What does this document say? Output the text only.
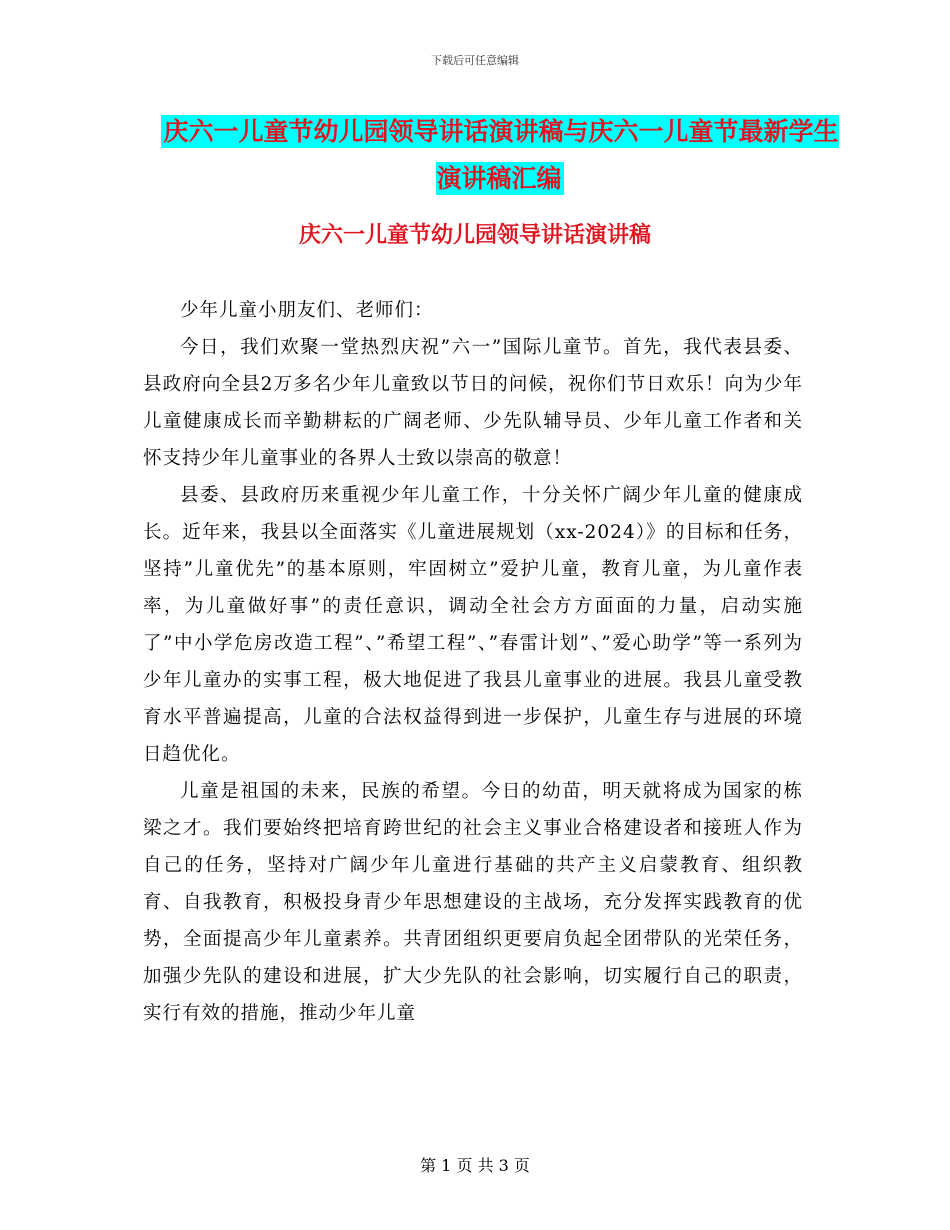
下载后可任意编辑
庆六一儿童节幼儿园领导讲话演讲稿与庆六一儿童节最新学生演讲稿汇编
庆六一儿童节幼儿园领导讲话演讲稿

少年儿童小朋友们、老师们：

今日，我们欢聚一堂热烈庆祝”六一”国际儿童节。首先，我代表县委、县政府向全县2万多名少年儿童致以节日的问候，祝你们节日欢乐！向为少年儿童健康成长而辛勤耕耘的广阔老师、少先队辅导员、少年儿童工作者和关怀支持少年儿童事业的各界人士致以崇高的敬意！

县委、县政府历来重视少年儿童工作，十分关怀广阔少年儿童的健康成长。近年来，我县以全面落实《儿童进展规划（xx-2024）》的目标和任务，坚持”儿童优先”的基本原则，牢固树立”爱护儿童，教育儿童，为儿童作表率，为儿童做好事”的责任意识，调动全社会方方面面的力量，启动实施了”中小学危房改造工程”、”希望工程”、”春雷计划”、”爱心助学”等一系列为少年儿童办的实事工程，极大地促进了我县儿童事业的进展。我县儿童受教育水平普遍提高，儿童的合法权益得到进一步保护，儿童生存与进展的环境日趋优化。

儿童是祖国的未来，民族的希望。今日的幼苗，明天就将成为国家的栋梁之才。我们要始终把培育跨世纪的社会主义事业合格建设者和接班人作为自己的任务，坚持对广阔少年儿童进行基础的共产主义启蒙教育、组织教育、自我教育，积极投身青少年思想建设的主战场，充分发挥实践教育的优势，全面提高少年儿童素养。共青团组织更要肩负起全团带队的光荣任务，加强少先队的建设和进展，扩大少先队的社会影响，切实履行自己的职责，实行有效的措施，推动少年儿童

第 1 页 共 3 页
